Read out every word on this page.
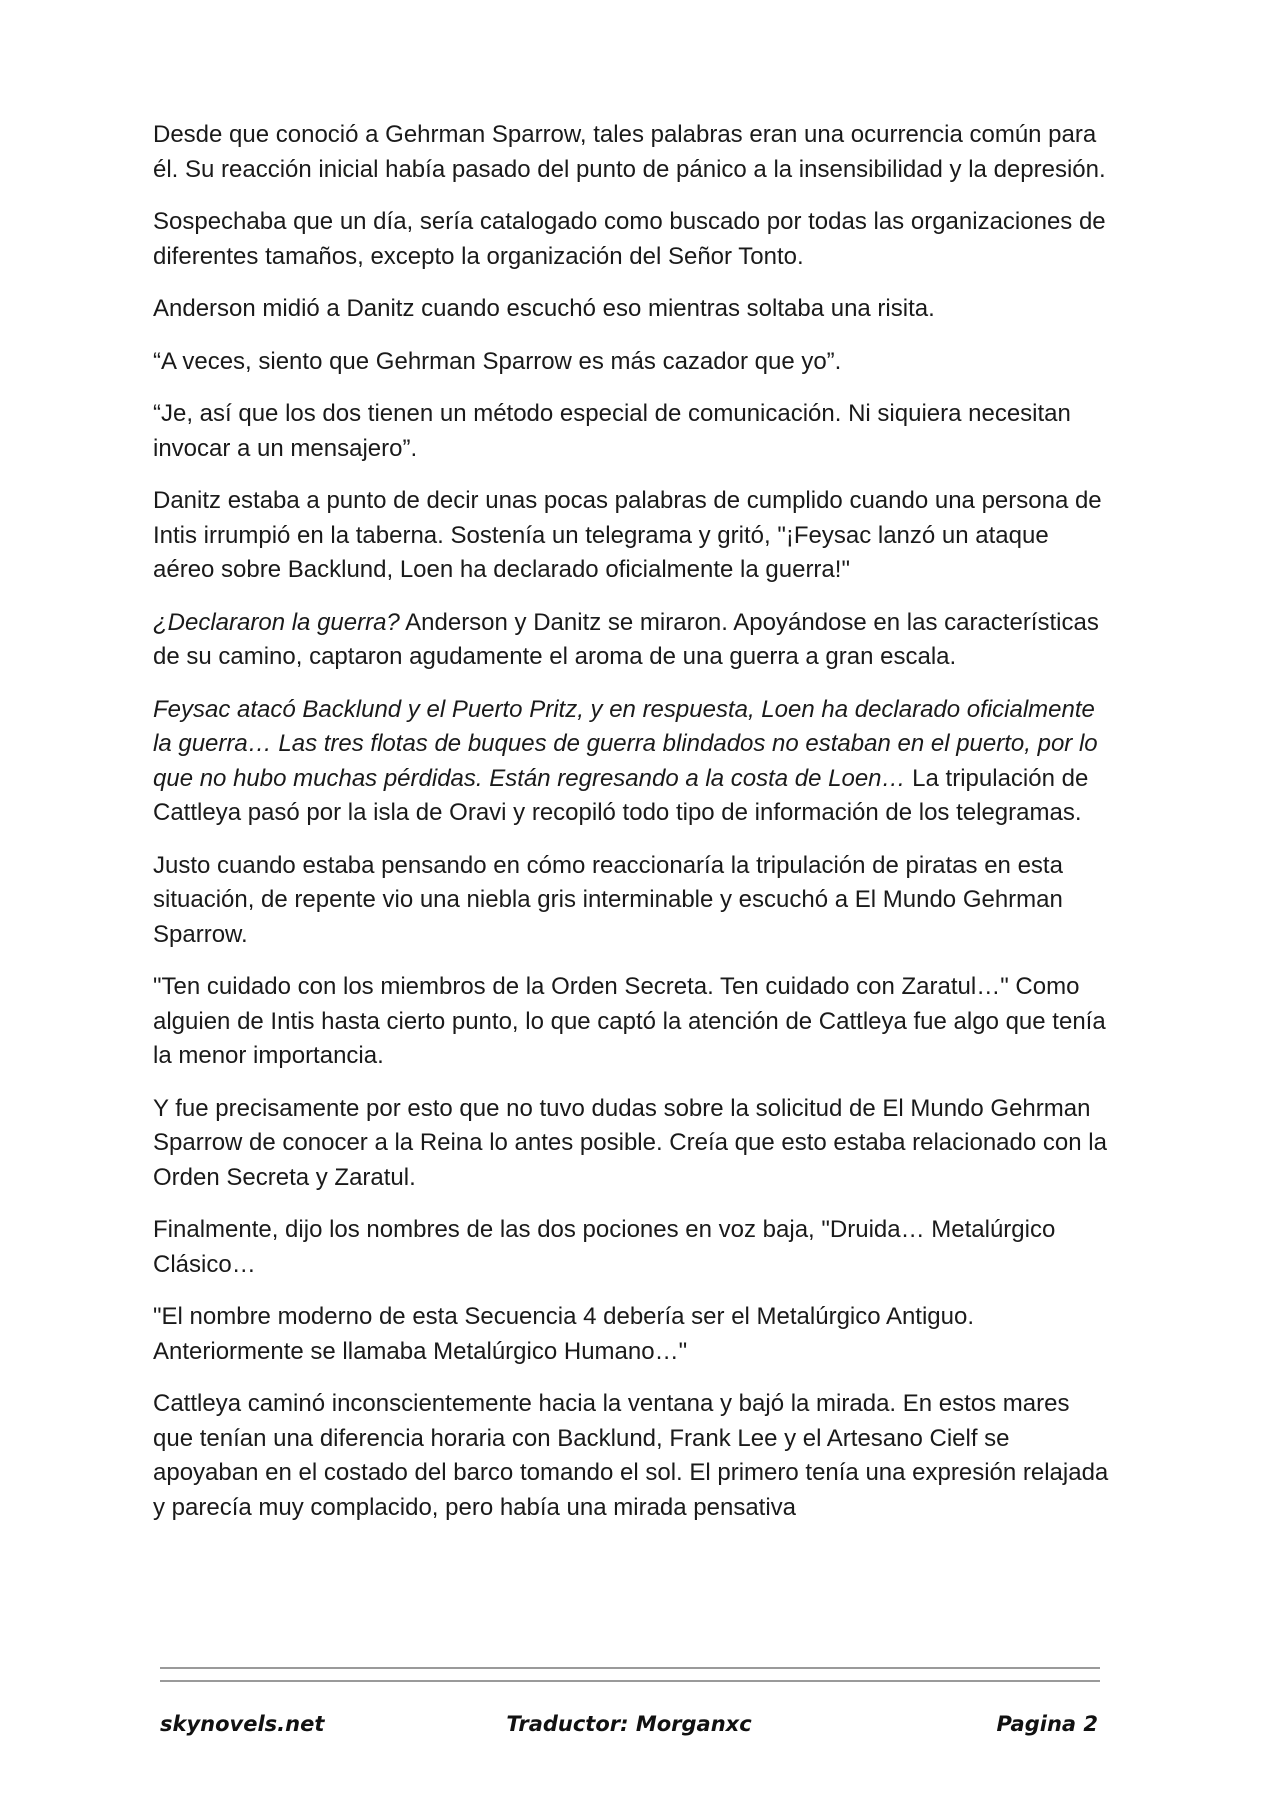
Desde que conoció a Gehrman Sparrow, tales palabras eran una ocurrencia común para él. Su reacción inicial había pasado del punto de pánico a la insensibilidad y la depresión.

Sospechaba que un día, sería catalogado como buscado por todas las organizaciones de diferentes tamaños, excepto la organización del Señor Tonto.

Anderson midió a Danitz cuando escuchó eso mientras soltaba una risita.

“A veces, siento que Gehrman Sparrow es más cazador que yo”.

“Je, así que los dos tienen un método especial de comunicación. Ni siquiera necesitan invocar a un mensajero”.

Danitz estaba a punto de decir unas pocas palabras de cumplido cuando una persona de Intis irrumpió en la taberna. Sostenía un telegrama y gritó, "¡Feysac lanzó un ataque aéreo sobre Backlund, Loen ha declarado oficialmente la guerra!"

¿Declararon la guerra? Anderson y Danitz se miraron. Apoyándose en las características de su camino, captaron agudamente el aroma de una guerra a gran escala.

Feysac atacó Backlund y el Puerto Pritz, y en respuesta, Loen ha declarado oficialmente la guerra… Las tres flotas de buques de guerra blindados no estaban en el puerto, por lo que no hubo muchas pérdidas. Están regresando a la costa de Loen… La tripulación de Cattleya pasó por la isla de Oravi y recopiló todo tipo de información de los telegramas.

Justo cuando estaba pensando en cómo reaccionaría la tripulación de piratas en esta situación, de repente vio una niebla gris interminable y escuchó a El Mundo Gehrman Sparrow.

"Ten cuidado con los miembros de la Orden Secreta. Ten cuidado con Zaratul…" Como alguien de Intis hasta cierto punto, lo que captó la atención de Cattleya fue algo que tenía la menor importancia.

Y fue precisamente por esto que no tuvo dudas sobre la solicitud de El Mundo Gehrman Sparrow de conocer a la Reina lo antes posible. Creía que esto estaba relacionado con la Orden Secreta y Zaratul.

Finalmente, dijo los nombres de las dos pociones en voz baja, "Druida… Metalúrgico Clásico…

"El nombre moderno de esta Secuencia 4 debería ser el Metalúrgico Antiguo. Anteriormente se llamaba Metalúrgico Humano…"

Cattleya caminó inconscientemente hacia la ventana y bajó la mirada. En estos mares que tenían una diferencia horaria con Backlund, Frank Lee y el Artesano Cielf se apoyaban en el costado del barco tomando el sol. El primero tenía una expresión relajada y parecía muy complacido, pero había una mirada pensativa

skynovels.net	Traductor: Morganxc	Pagina 2
